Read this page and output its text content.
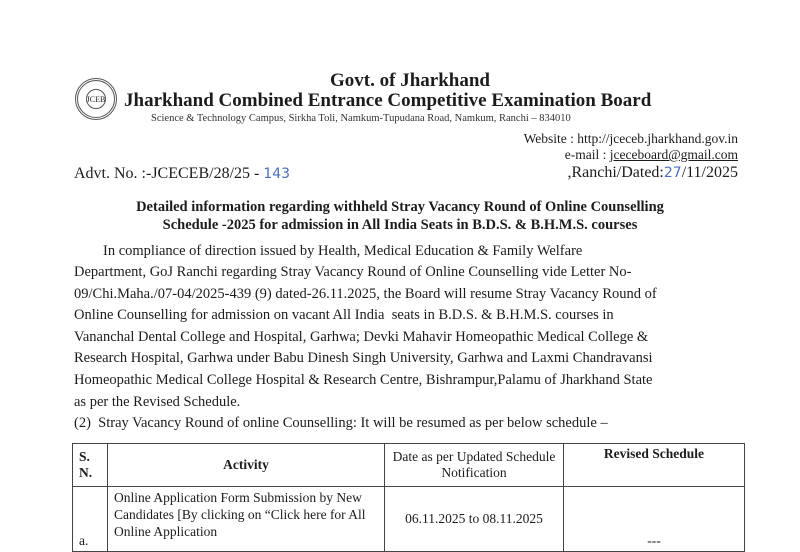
JCEB
Govt. of Jharkhand
Jharkhand Combined Entrance Competitive Examination Board
Science & Technology Campus, Sirkha Toli, Namkum-Tupudana Road, Namkum, Ranchi – 834010
Website : http://jceceb.jharkhand.gov.in
e-mail : jceceboard@gmail.com
Advt. No. :-JCECEB/28/25 - 143	,Ranchi/Dated:27/11/2025
Detailed information regarding withheld Stray Vacancy Round of Online Counselling
Schedule -2025 for admission in All India Seats in B.D.S. & B.H.M.S. courses
In compliance of direction issued by Health, Medical Education & Family Welfare
Department, GoJ Ranchi regarding Stray Vacancy Round of Online Counselling vide Letter No-
09/Chi.Maha./07-04/2025-439 (9) dated-26.11.2025, the Board will resume Stray Vacancy Round of
Online Counselling for admission on vacant All India  seats in B.D.S. & B.H.M.S. courses in
Vananchal Dental College and Hospital, Garhwa; Devki Mahavir Homeopathic Medical College &
Research Hospital, Garhwa under Babu Dinesh Singh University, Garhwa and Laxmi Chandravansi
Homeopathic Medical College Hospital & Research Centre, Bishrampur,Palamu of Jharkhand State
as per the Revised Schedule.
(2)  Stray Vacancy Round of online Counselling: It will be resumed as per below schedule –
S. N.	Activity	Date as per Updated Schedule Notification	Revised Schedule
a.	Online Application Form Submission by New Candidates [By clicking on “Click here for All Online Application	06.11.2025 to 08.11.2025	---
